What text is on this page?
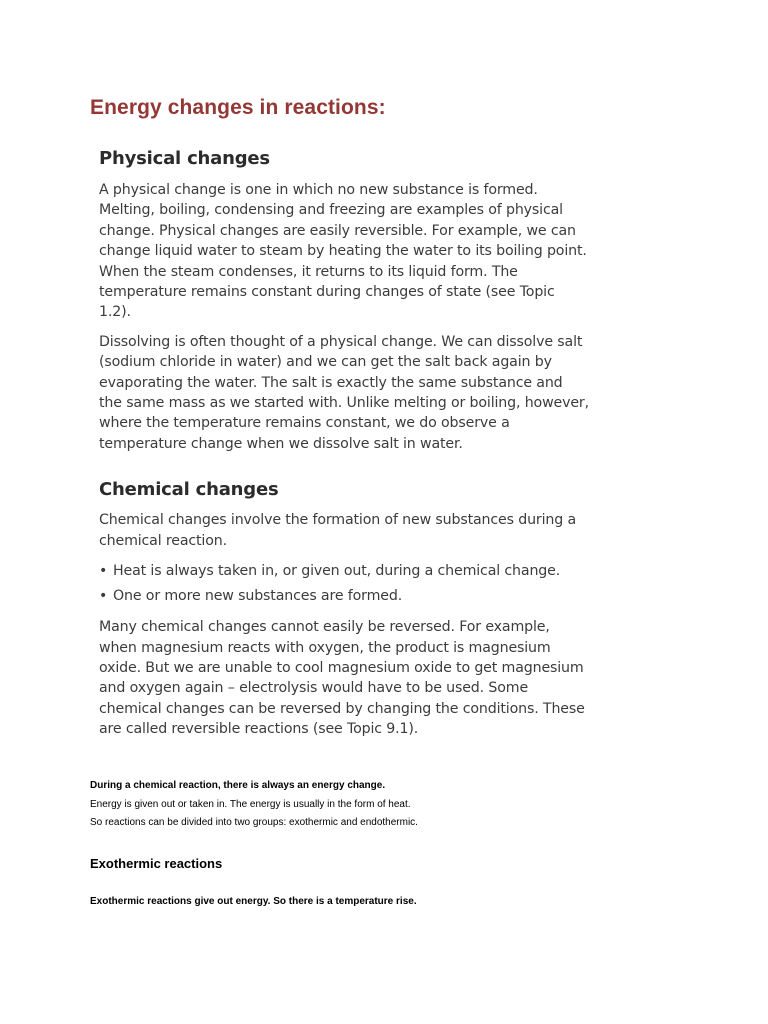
Energy changes in reactions:
Physical changes

A physical change is one in which no new substance is formed. Melting, boiling, condensing and freezing are examples of physical change. Physical changes are easily reversible. For example, we can change liquid water to steam by heating the water to its boiling point. When the steam condenses, it returns to its liquid form. The temperature remains constant during changes of state (see Topic 1.2).

Dissolving is often thought of a physical change. We can dissolve salt (sodium chloride in water) and we can get the salt back again by evaporating the water. The salt is exactly the same substance and the same mass as we started with. Unlike melting or boiling, however, where the temperature remains constant, we do observe a temperature change when we dissolve salt in water.

Chemical changes

Chemical changes involve the formation of new substances during a chemical reaction.

• Heat is always taken in, or given out, during a chemical change.
• One or more new substances are formed.

Many chemical changes cannot easily be reversed. For example, when magnesium reacts with oxygen, the product is magnesium oxide. But we are unable to cool magnesium oxide to get magnesium and oxygen again – electrolysis would have to be used. Some chemical changes can be reversed by changing the conditions. These are called reversible reactions (see Topic 9.1).

During a chemical reaction, there is always an energy change.

Energy is given out or taken in. The energy is usually in the form of heat.

So reactions can be divided into two groups: exothermic and endothermic.

Exothermic reactions

Exothermic reactions give out energy. So there is a temperature rise.
